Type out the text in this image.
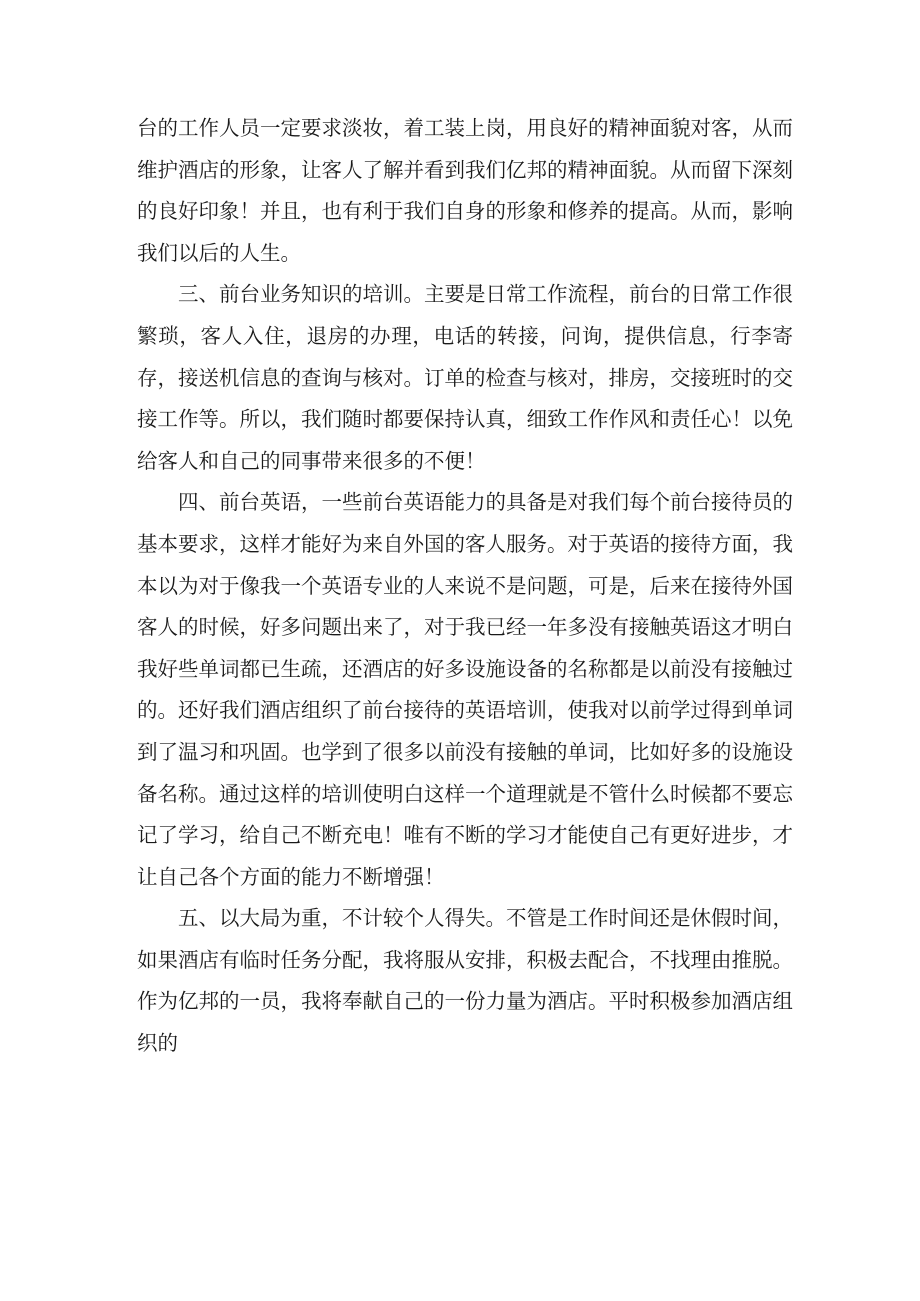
台的工作人员一定要求淡妆，着工装上岗，用良好的精神面貌对客，从而维护酒店的形象，让客人了解并看到我们亿邦的精神面貌。从而留下深刻的良好印象！并且，也有利于我们自身的形象和修养的提高。从而，影响我们以后的人生。

三、前台业务知识的培训。主要是日常工作流程，前台的日常工作很繁琐，客人入住，退房的办理，电话的转接，问询，提供信息，行李寄存，接送机信息的查询与核对。订单的检查与核对，排房，交接班时的交接工作等。所以，我们随时都要保持认真，细致工作作风和责任心！以免给客人和自己的同事带来很多的不便！

四、前台英语，一些前台英语能力的具备是对我们每个前台接待员的基本要求，这样才能好为来自外国的客人服务。对于英语的接待方面，我本以为对于像我一个英语专业的人来说不是问题，可是，后来在接待外国客人的时候，好多问题出来了，对于我已经一年多没有接触英语这才明白我好些单词都已生疏，还酒店的好多设施设备的名称都是以前没有接触过的。还好我们酒店组织了前台接待的英语培训，使我对以前学过得到单词到了温习和巩固。也学到了很多以前没有接触的单词，比如好多的设施设备名称。通过这样的培训使明白这样一个道理就是不管什么时候都不要忘记了学习，给自己不断充电！唯有不断的学习才能使自己有更好进步，才让自己各个方面的能力不断增强！

五、以大局为重，不计较个人得失。不管是工作时间还是休假时间，如果酒店有临时任务分配，我将服从安排，积极去配合，不找理由推脱。作为亿邦的一员，我将奉献自己的一份力量为酒店。平时积极参加酒店组织的
